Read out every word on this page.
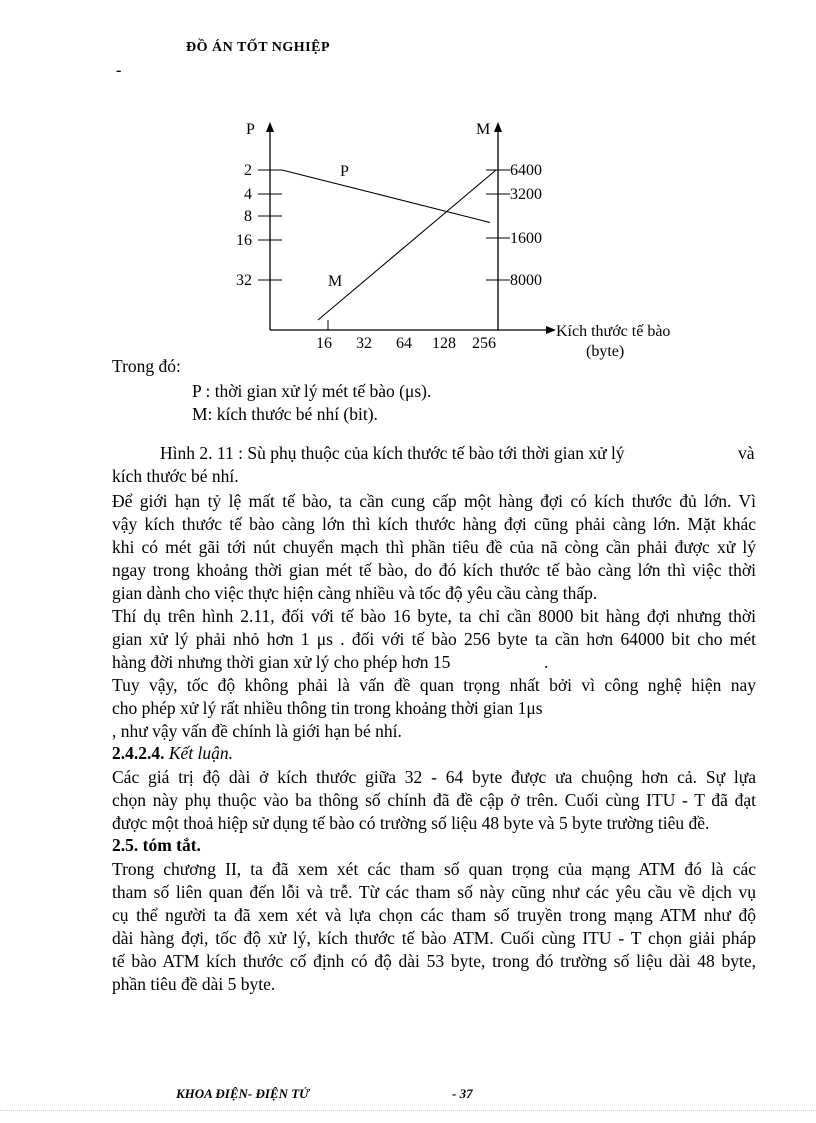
ĐỒ ÁN TỐT NGHIỆP
-
P
2
4
8
16
32
M
6400
3200
1600
8000
16 32 64 128 256
Kích thước tế bào
(byte)
P
M
Trong đó:
P : thời gian xử lý mét tế bào (μs).
M: kích thước bé nhí (bit).
Hình 2. 11 : Sù phụ thuộc của kích thước tế bào tới thời gian xử lý	và
kích thước bé nhí.
Để giới hạn tỷ lệ mất tế bào, ta cần cung cấp một hàng đợi có kích thước đủ lớn. Vì
vậy kích thước tế bào càng lớn thì kích thước hàng đợi cũng phải càng lớn. Mặt khác
khi có mét gãi tới nút chuyển mạch thì phần tiêu đề của nã còng cần phải được xử lý
ngay trong khoảng thời gian mét tế bào, do đó kích thước tế bào càng lớn thì việc thời
gian dành cho việc thực hiện càng nhiều và tốc độ yêu cầu càng thấp.
Thí dụ trên hình 2.11, đối với tế bào 16 byte, ta chỉ cần 8000 bit hàng đợi nhưng thời
gian xử lý phải nhỏ hơn 1 μs . đối với tế bào 256 byte ta cần hơn 64000 bit cho mét
hàng đời nhưng thời gian xử lý cho phép hơn 15	.
Tuy vậy, tốc độ không phải là vấn đề quan trọng nhất bởi vì công nghệ hiện nay
cho phép xử lý rất nhiều thông tin trong khoảng thời gian 1μs
, như vậy vấn đề chính là giới hạn bé nhí.
2.4.2.4. Kết luận.
Các giá trị độ dài ở kích thước giữa 32 - 64 byte được ưa chuộng hơn cả. Sự lựa
chọn này phụ thuộc vào ba thông số chính đã đề cập ở trên. Cuối cùng ITU - T đã đạt
được một thoả hiệp sử dụng tế bào có trường số liệu 48 byte và 5 byte trường tiêu đề.
2.5. tóm tắt.
Trong chương II, ta đã xem xét các tham số quan trọng của mạng ATM đó là các
tham số liên quan đến lỗi và trễ. Từ các tham số này cũng như các yêu cầu về dịch vụ
cụ thể người ta đã xem xét và lựa chọn các tham số truyền trong mạng ATM như độ
dài hàng đợi, tốc độ xử lý, kích thước tế bào ATM. Cuối cùng ITU - T chọn giải pháp
tế bào ATM kích thước cố định có độ dài 53 byte, trong đó trường số liệu dài 48 byte,
phần tiêu đề dài 5 byte.
KHOA ĐIỆN- ĐIỆN TỬ	- 37
